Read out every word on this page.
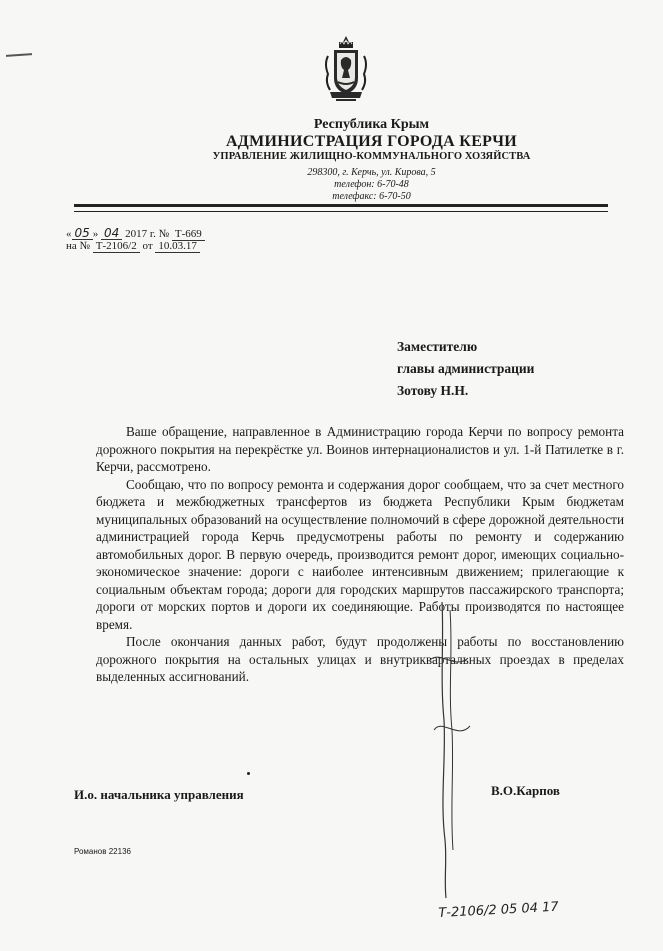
Республика Крым
АДМИНИСТРАЦИЯ ГОРОДА КЕРЧИ
УПРАВЛЕНИЕ ЖИЛИЩНО-КОММУНАЛЬНОГО ХОЗЯЙСТВА
298300, г. Керчь, ул. Кирова, 5
телефон: 6-70-48
телефакс: 6-70-50
« 05 » 04 2017 г. № Т-669
на № Т-2106/2 от 10.03.17
Заместителю
главы администрации
Зотову Н.Н.

Ваше обращение, направленное в Администрацию города Керчи по вопросу ремонта дорожного покрытия на перекрёстке ул. Воинов интернационалистов и ул. 1-й Патилетке в г. Керчи, рассмотрено.

Сообщаю, что по вопросу ремонта и содержания дорог сообщаем, что за счет местного бюджета и межбюджетных трансфертов из бюджета Республики Крым бюджетам муниципальных образований на осуществление полномочий в сфере дорожной деятельности администрацией города Керчь предусмотрены работы по ремонту и содержанию автомобильных дорог. В первую очередь, производится ремонт дорог, имеющих социально-экономическое значение: дороги с наиболее интенсивным движением; прилегающие к социальным объектам города; дороги для городских маршрутов пассажирского транспорта; дороги от морских портов и дороги их соединяющие. Работы производятся по настоящее время.

После окончания данных работ, будут продолжены работы по восстановлению дорожного покрытия на остальных улицах и внутриквартальных проездах в пределах выделенных ассигнований.

И.о. начальника управления	В.О.Карпов
Романов 22136
Т-2106/2 05 04 17
